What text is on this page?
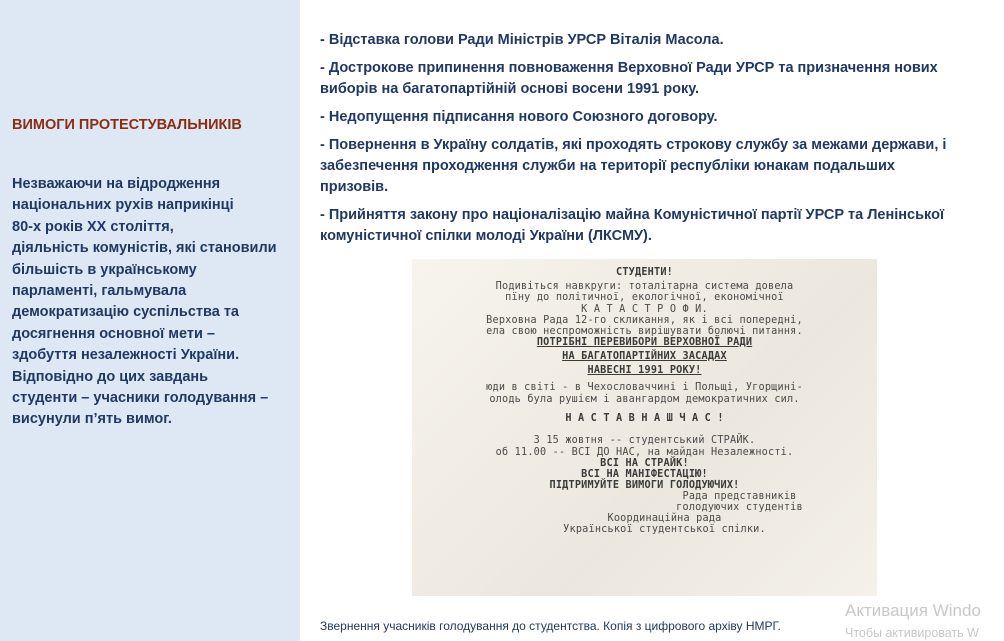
ВИМОГИ ПРОТЕСТУВАЛЬНИКІВ
Незважаючи на відродження
національних рухів наприкінці
80-х років ХХ століття,
діяльність комуністів, які становили
більшість в українському
парламенті, гальмувала
демократизацію суспільства та
досягнення основної мети –
здобуття незалежності України.
Відповідно до цих завдань
студенти – учасники голодування –
висунули п’ять вимог.

- Відставка голови Ради Міністрів УРСР Віталія Масола.

- Дострокове припинення повноваження Верховної Ради УРСР та призначення нових виборів на багатопартійній основі восени 1991 року.

- Недопущення підписання нового Союзного договору.

- Повернення в Україну солдатів, які проходять строкову службу за межами держави, і забезпечення проходження служби на території республіки юнакам подальших призовів.

- Прийняття закону про націоналізацію майна Комуністичної партії УРСР та Ленінської комуністичної спілки молоді України (ЛКСМУ).

СТУДЕНТИ!
Подивіться навкруги: тоталітарна система довела
пїну до політичної, екологічної, економічної
К А Т А С Т Р О Ф И.
Верховна Рада 12-го скликання, як і всі попередні,
ела свою неспроможність вирішувати болючі питання.
ПОТРІБНІ ПЕРЕВИБОРИ ВЕРХОВНОЇ РАДИ
НА БАГАТОПАРТІЙНИХ ЗАСАДАХ
НАВЕСНІ 1991 РОКУ!
юди в світі - в Чехословаччині і Польщі, Угорщині-
олодь була рушієм і авангардом демократичних сил.
Н А С Т А В Н А Ш Ч А С !
З 15 жовтня -- студентський СТРАЙК.
об 11.00 -- ВСІ ДО НАС, на майдан Незалежності.
ВСІ НА СТРАЙК!
ВСІ НА МАНІФЕСТАЦІЮ!
ПІДТРИМУЙТЕ ВИМОГИ ГОЛОДУЮЧИХ!
Рада представників
голодуючих студентів
Координаційна рада
Української студентської спілки.
Звернення учасників голодування до студентства. Копія з цифрового архіву НМРГ.
Активация Windo
Чтобы активировать W
